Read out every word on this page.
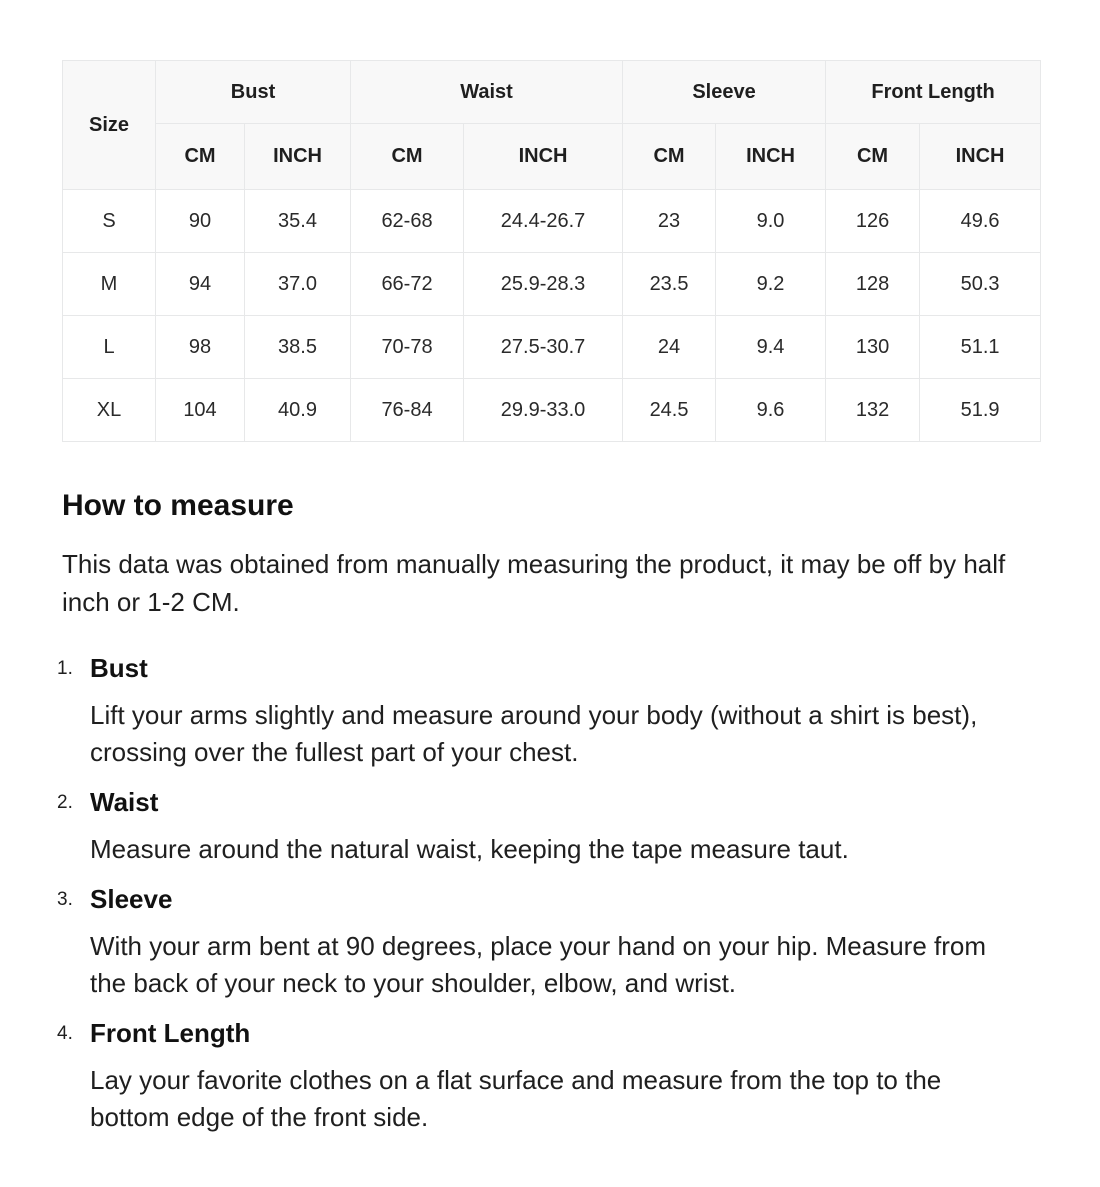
Size	Bust		Waist		Sleeve		Front Length	
	CM	INCH	CM	INCH	CM	INCH	CM	INCH
S	90	35.4	62-68	24.4-26.7	23	9.0	126	49.6
M	94	37.0	66-72	25.9-28.3	23.5	9.2	128	50.3
L	98	38.5	70-78	27.5-30.7	24	9.4	130	51.1
XL	104	40.9	76-84	29.9-33.0	24.5	9.6	132	51.9
How to measure

This data was obtained from manually measuring the product, it may be off by half inch or 1-2 CM.

1. Bust

Lift your arms slightly and measure around your body (without a shirt is best), crossing over the fullest part of your chest.

2. Waist

Measure around the natural waist, keeping the tape measure taut.

3. Sleeve

With your arm bent at 90 degrees, place your hand on your hip. Measure from the back of your neck to your shoulder, elbow, and wrist.

4. Front Length

Lay your favorite clothes on a flat surface and measure from the top to the bottom edge of the front side.
